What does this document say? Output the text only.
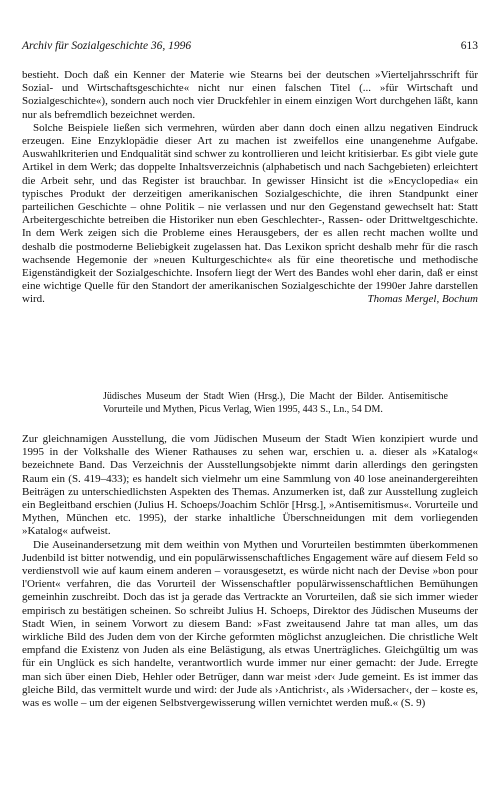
Archiv für Sozialgeschichte 36, 1996	613

bestieht. Doch daß ein Kenner der Materie wie Stearns bei der deutschen »Vierteljahrsschrift für Sozial- und Wirtschaftsgeschichte« nicht nur einen falschen Titel (... »für Wirtschaft und Sozialgeschichte«), sondern auch noch vier Druckfehler in einem einzigen Wort durchgehen läßt, kann nur als befremdlich bezeichnet werden.

Solche Beispiele ließen sich vermehren, würden aber dann doch einen allzu negativen Eindruck erzeugen. Eine Enzyklopädie dieser Art zu machen ist zweifellos eine unangenehme Aufgabe. Auswahlkriterien und Endqualität sind schwer zu kontrollieren und leicht kritisierbar. Es gibt viele gute Artikel in dem Werk; das doppelte Inhaltsverzeichnis (alphabetisch und nach Sachgebieten) erleichtert die Arbeit sehr, und das Register ist brauchbar. In gewisser Hinsicht ist die »Encyclopedia« ein typisches Produkt der derzeitigen amerikanischen Sozialgeschichte, die ihren Standpunkt einer parteilichen Geschichte – ohne Politik – nie verlassen und nur den Gegenstand gewechselt hat: Statt Arbeitergeschichte betreiben die Historiker nun eben Geschlechter-, Rassen- oder Drittweltgeschichte. In dem Werk zeigen sich die Probleme eines Herausgebers, der es allen recht machen wollte und deshalb die postmoderne Beliebigkeit zugelassen hat. Das Lexikon spricht deshalb mehr für die rasch wachsende Hegemonie der »neuen Kulturgeschichte« als für eine theoretische und methodische Eigenständigkeit der Sozialgeschichte. Insofern liegt der Wert des Bandes wohl eher darin, daß er einst eine wichtige Quelle für den Standort der amerikanischen Sozialgeschichte der 1990er Jahre darstellen wird.	Thomas Mergel, Bochum
Jüdisches Museum der Stadt Wien (Hrsg.), Die Macht der Bilder. Antisemitische Vorurteile und Mythen, Picus Verlag, Wien 1995, 443 S., Ln., 54 DM.

Zur gleichnamigen Ausstellung, die vom Jüdischen Museum der Stadt Wien konzipiert wurde und 1995 in der Volkshalle des Wiener Rathauses zu sehen war, erschien u. a. dieser als »Katalog« bezeichnete Band. Das Verzeichnis der Ausstellungsobjekte nimmt darin allerdings den geringsten Raum ein (S. 419–433); es handelt sich vielmehr um eine Sammlung von 40 lose aneinandergereihten Beiträgen zu unterschiedlichsten Aspekten des Themas. Anzumerken ist, daß zur Ausstellung zugleich ein Begleitband erschien (Julius H. Schoeps/Joachim Schlör [Hrsg.], »Antisemitismus«. Vorurteile und Mythen, München etc. 1995), der starke inhaltliche Überschneidungen mit dem vorliegenden »Katalog« aufweist.

Die Auseinandersetzung mit dem weithin von Mythen und Vorurteilen bestimmten überkommenen Judenbild ist bitter notwendig, und ein populärwissenschaftliches Engagement wäre auf diesem Feld so verdienstvoll wie auf kaum einem anderen – vorausgesetzt, es würde nicht nach der Devise »bon pour l'Orient« verfahren, die das Vorurteil der Wissenschaftler populärwissenschaftlichen Bemühungen gemeinhin zuschreibt. Doch das ist ja gerade das Vertrackte an Vorurteilen, daß sie sich immer wieder empirisch zu bestätigen scheinen. So schreibt Julius H. Schoeps, Direktor des Jüdischen Museums der Stadt Wien, in seinem Vorwort zu diesem Band: »Fast zweitausend Jahre tat man alles, um das wirkliche Bild des Juden dem von der Kirche geformten möglichst anzugleichen. Die christliche Welt empfand die Existenz von Juden als eine Belästigung, als etwas Unerträgliches. Gleichgültig um was für ein Unglück es sich handelte, verantwortlich wurde immer nur einer gemacht: der Jude. Erregte man sich über einen Dieb, Hehler oder Betrüger, dann war meist ›der‹ Jude gemeint. Es ist immer das gleiche Bild, das vermittelt wurde und wird: der Jude als ›Antichrist‹, als ›Widersacher‹, der – koste es, was es wolle – um der eigenen Selbstvergewisserung willen vernichtet werden muß.« (S. 9)
